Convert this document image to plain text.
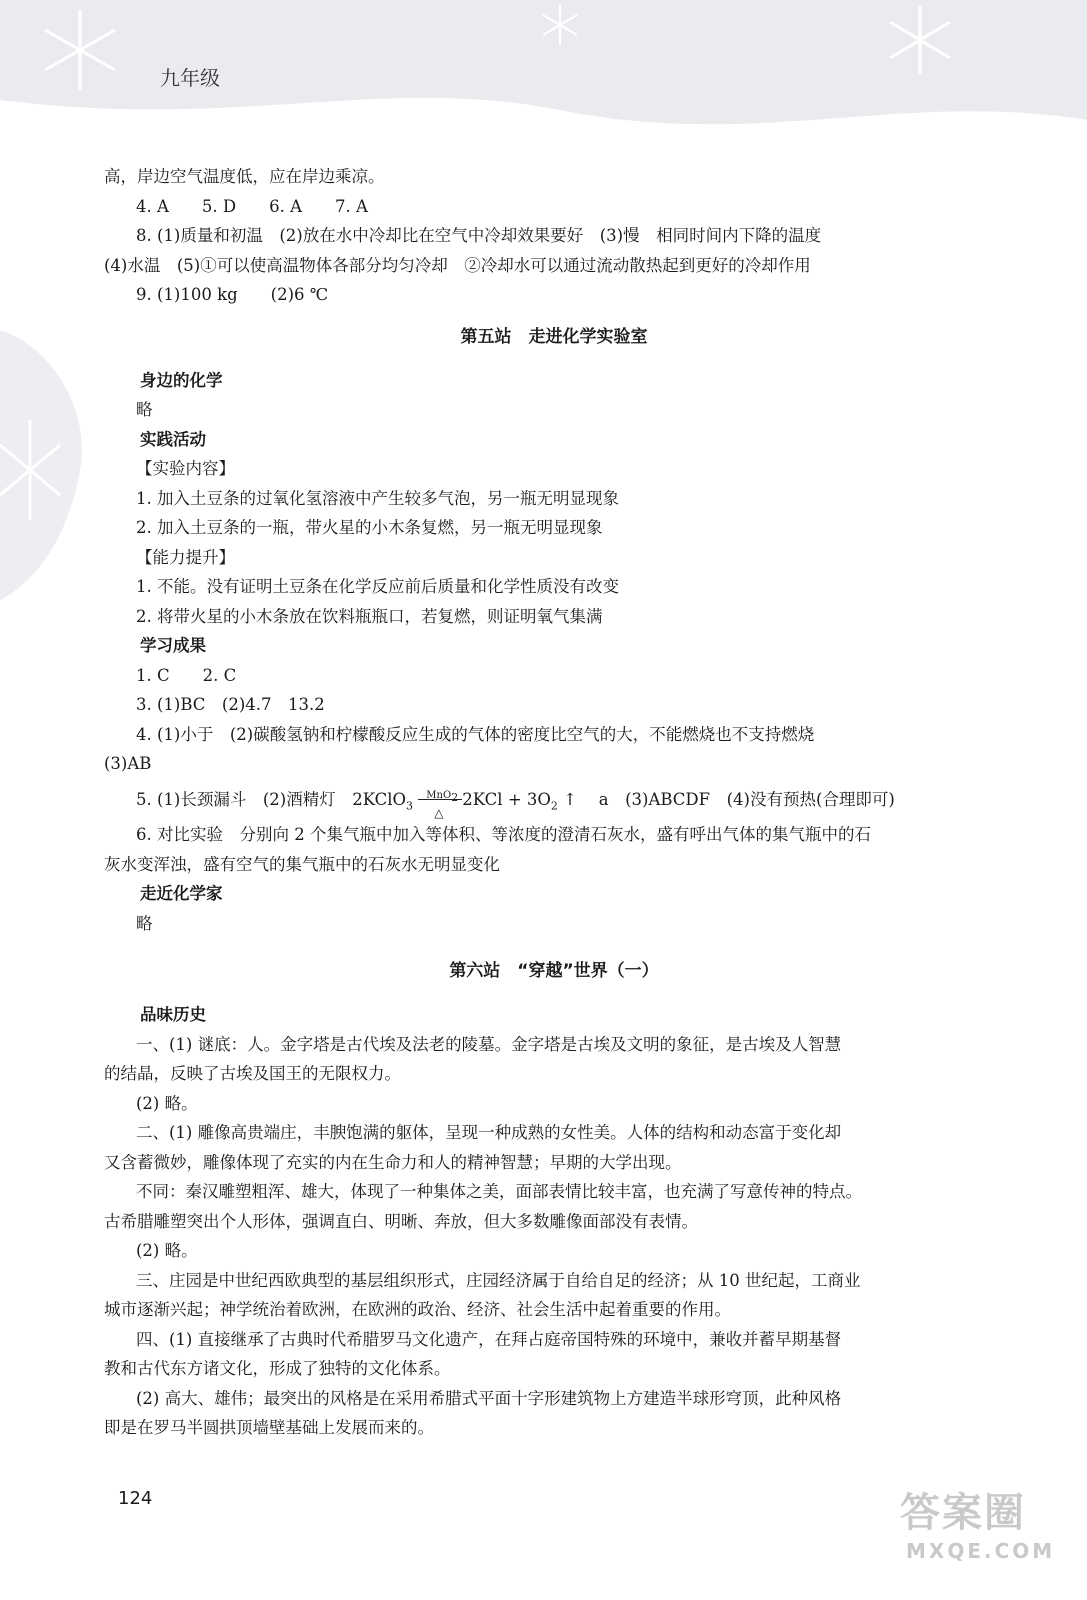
九年级

高，岸边空气温度低，应在岸边乘凉。

4. A　　5. D　　6. A　　7. A

8. (1)质量和初温　(2)放在水中冷却比在空气中冷却效果要好　(3)慢　相同时间内下降的温度

(4)水温　(5)①可以使高温物体各部分均匀冷却　②冷却水可以通过流动散热起到更好的冷却作用

9. (1)100 kg　　(2)6 ℃

第五站　走进化学实验室

身边的化学

略

实践活动

【实验内容】

1. 加入土豆条的过氧化氢溶液中产生较多气泡，另一瓶无明显现象

2. 加入土豆条的一瓶，带火星的小木条复燃，另一瓶无明显现象

【能力提升】

1. 不能。没有证明土豆条在化学反应前后质量和化学性质没有改变

2. 将带火星的小木条放在饮料瓶瓶口，若复燃，则证明氧气集满

学习成果

1. C　　2. C

3. (1)BC　(2)4.7　13.2

4. (1)小于　(2)碳酸氢钠和柠檬酸反应生成的气体的密度比空气的大，不能燃烧也不支持燃烧

(3)AB

5. (1)长颈漏斗　(2)酒精灯　2KClO$_3$
MnO$_2$
△
$2KCl + 3O_2$ ↑　 a　(3)ABCDF　(4)没有预热(合理即可)

6. 对比实验　分别向 2 个集气瓶中加入等体积、等浓度的澄清石灰水，盛有呼出气体的集气瓶中的石

灰水变浑浊，盛有空气的集气瓶中的石灰水无明显变化

走近化学家

略

第六站　“穿越”世界（一）

品味历史

一、(1) 谜底：人。金字塔是古代埃及法老的陵墓。金字塔是古埃及文明的象征，是古埃及人智慧

的结晶，反映了古埃及国王的无限权力。

(2) 略。

二、(1) 雕像高贵端庄，丰腴饱满的躯体，呈现一种成熟的女性美。人体的结构和动态富于变化却

又含蓄微妙，雕像体现了充实的内在生命力和人的精神智慧；早期的大学出现。

不同：秦汉雕塑粗浑、雄大，体现了一种集体之美，面部表情比较丰富，也充满了写意传神的特点。

古希腊雕塑突出个人形体，强调直白、明晰、奔放，但大多数雕像面部没有表情。

(2) 略。

三、庄园是中世纪西欧典型的基层组织形式，庄园经济属于自给自足的经济；从 10 世纪起，工商业

城市逐渐兴起；神学统治着欧洲，在欧洲的政治、经济、社会生活中起着重要的作用。

四、(1) 直接继承了古典时代希腊罗马文化遗产，在拜占庭帝国特殊的环境中，兼收并蓄早期基督

教和古代东方诸文化，形成了独特的文化体系。

(2) 高大、雄伟；最突出的风格是在采用希腊式平面十字形建筑物上方建造半球形穹顶，此种风格

即是在罗马半圆拱顶墙壁基础上发展而来的。

124	答案圈
MXQE.COM
